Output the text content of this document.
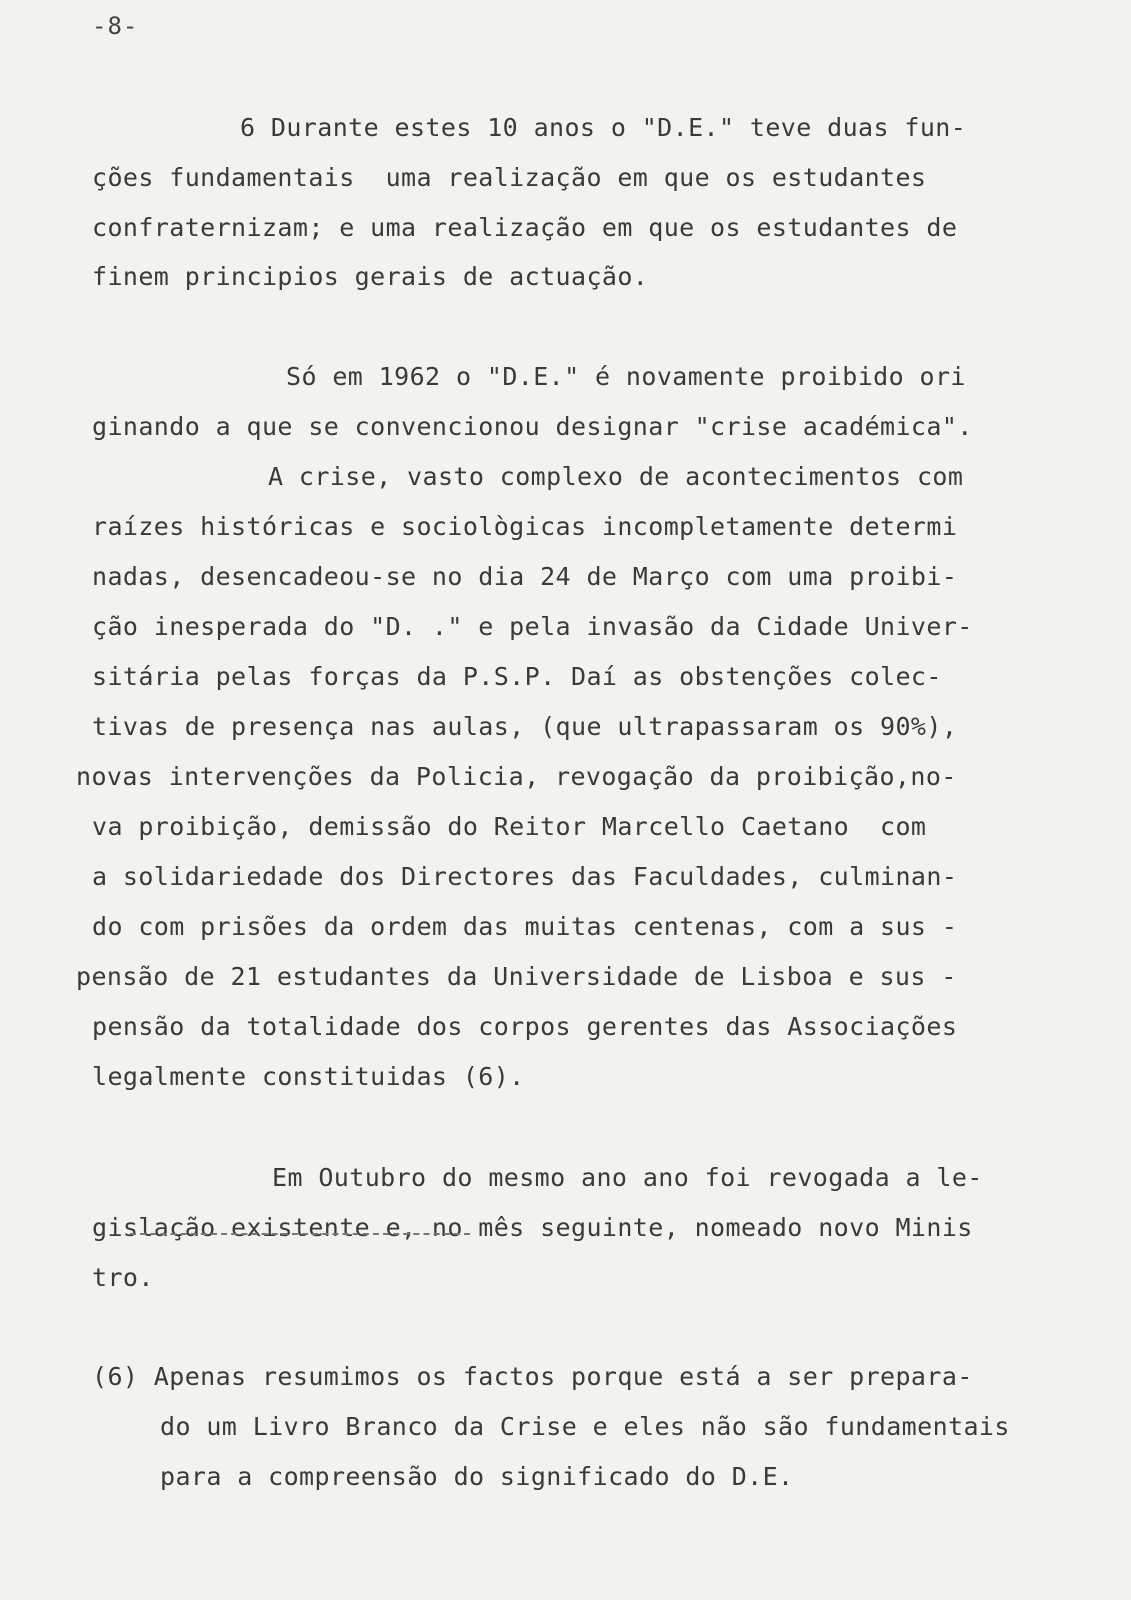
-8-
6 Durante estes 10 anos o "D.E." teve duas fun-
ções fundamentais  uma realização em que os estudantes
confraternizam; e uma realização em que os estudantes de
finem principios gerais de actuação.
Só em 1962 o "D.E." é novamente proibido ori
ginando a que se convencionou designar "crise académica".
A crise, vasto complexo de acontecimentos com
raízes históricas e sociològicas incompletamente determi
nadas, desencadeou-se no dia 24 de Março com uma proibi-
ção inesperada do "D. ." e pela invasão da Cidade Univer-
sitária pelas forças da P.S.P. Daí as obstenções colec-
tivas de presença nas aulas, (que ultrapassaram os 90%),
novas intervenções da Policia, revogação da proibição,no-
va proibição, demissão do Reitor Marcello Caetano  com
a solidariedade dos Directores das Faculdades, culminan-
do com prisões da ordem das muitas centenas, com a sus -
pensão de 21 estudantes da Universidade de Lisboa e sus -
pensão da totalidade dos corpos gerentes das Associações
legalmente constituidas (6).
Em Outubro do mesmo ano ano foi revogada a le-
gislação existente e, no mês seguinte, nomeado novo Minis
tro.
(6) Apenas resumimos os factos porque está a ser prepara-
do um Livro Branco da Crise e eles não são fundamentais
para a compreensão do significado do D.E.
